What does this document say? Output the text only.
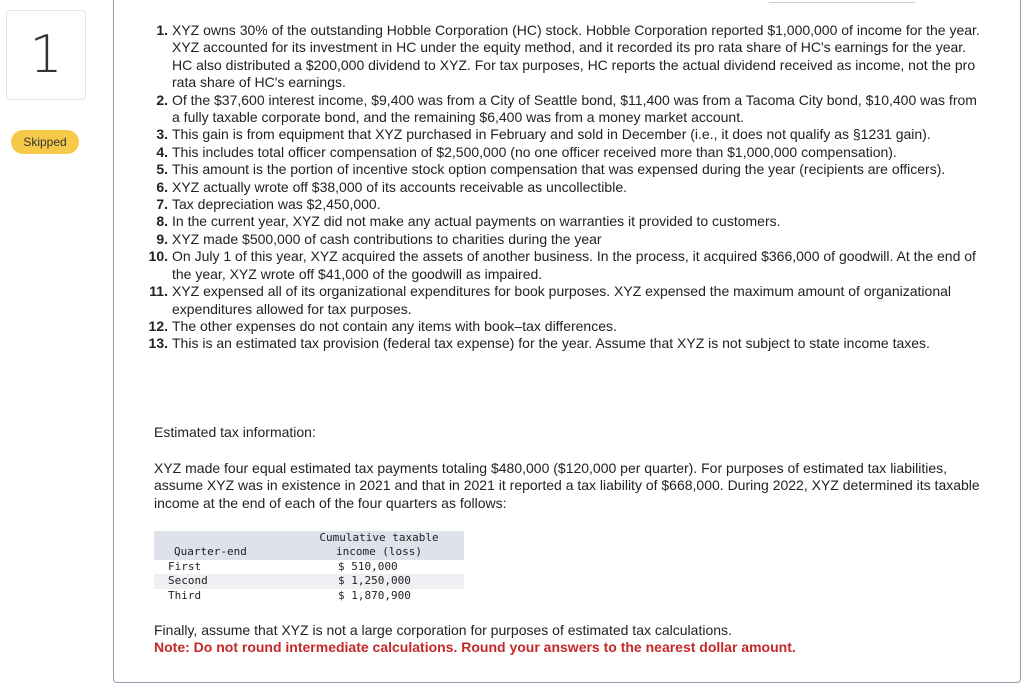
1
Skipped
1. XYZ owns 30% of the outstanding Hobble Corporation (HC) stock. Hobble Corporation reported $1,000,000 of income for the year. XYZ accounted for its investment in HC under the equity method, and it recorded its pro rata share of HC's earnings for the year. HC also distributed a $200,000 dividend to XYZ. For tax purposes, HC reports the actual dividend received as income, not the pro rata share of HC's earnings.
2. Of the $37,600 interest income, $9,400 was from a City of Seattle bond, $11,400 was from a Tacoma City bond, $10,400 was from a fully taxable corporate bond, and the remaining $6,400 was from a money market account.
3. This gain is from equipment that XYZ purchased in February and sold in December (i.e., it does not qualify as §1231 gain).
4. This includes total officer compensation of $2,500,000 (no one officer received more than $1,000,000 compensation).
5. This amount is the portion of incentive stock option compensation that was expensed during the year (recipients are officers).
6. XYZ actually wrote off $38,000 of its accounts receivable as uncollectible.
7. Tax depreciation was $2,450,000.
8. In the current year, XYZ did not make any actual payments on warranties it provided to customers.
9. XYZ made $500,000 of cash contributions to charities during the year
10. On July 1 of this year, XYZ acquired the assets of another business. In the process, it acquired $366,000 of goodwill. At the end of the year, XYZ wrote off $41,000 of the goodwill as impaired.
11. XYZ expensed all of its organizational expenditures for book purposes. XYZ expensed the maximum amount of organizational expenditures allowed for tax purposes.
12. The other expenses do not contain any items with book–tax differences.
13. This is an estimated tax provision (federal tax expense) for the year. Assume that XYZ is not subject to state income taxes.

Estimated tax information:

XYZ made four equal estimated tax payments totaling $480,000 ($120,000 per quarter). For purposes of estimated tax liabilities, assume XYZ was in existence in 2021 and that in 2021 it reported a tax liability of $668,000. During 2022, XYZ determined its taxable income at the end of each of the four quarters as follows:

Quarter-end	Cumulative taxable
income (loss)
First	$ 510,000
Second	$ 1,250,000
Third	$ 1,870,900

Finally, assume that XYZ is not a large corporation for purposes of estimated tax calculations.

Note: Do not round intermediate calculations. Round your answers to the nearest dollar amount.
